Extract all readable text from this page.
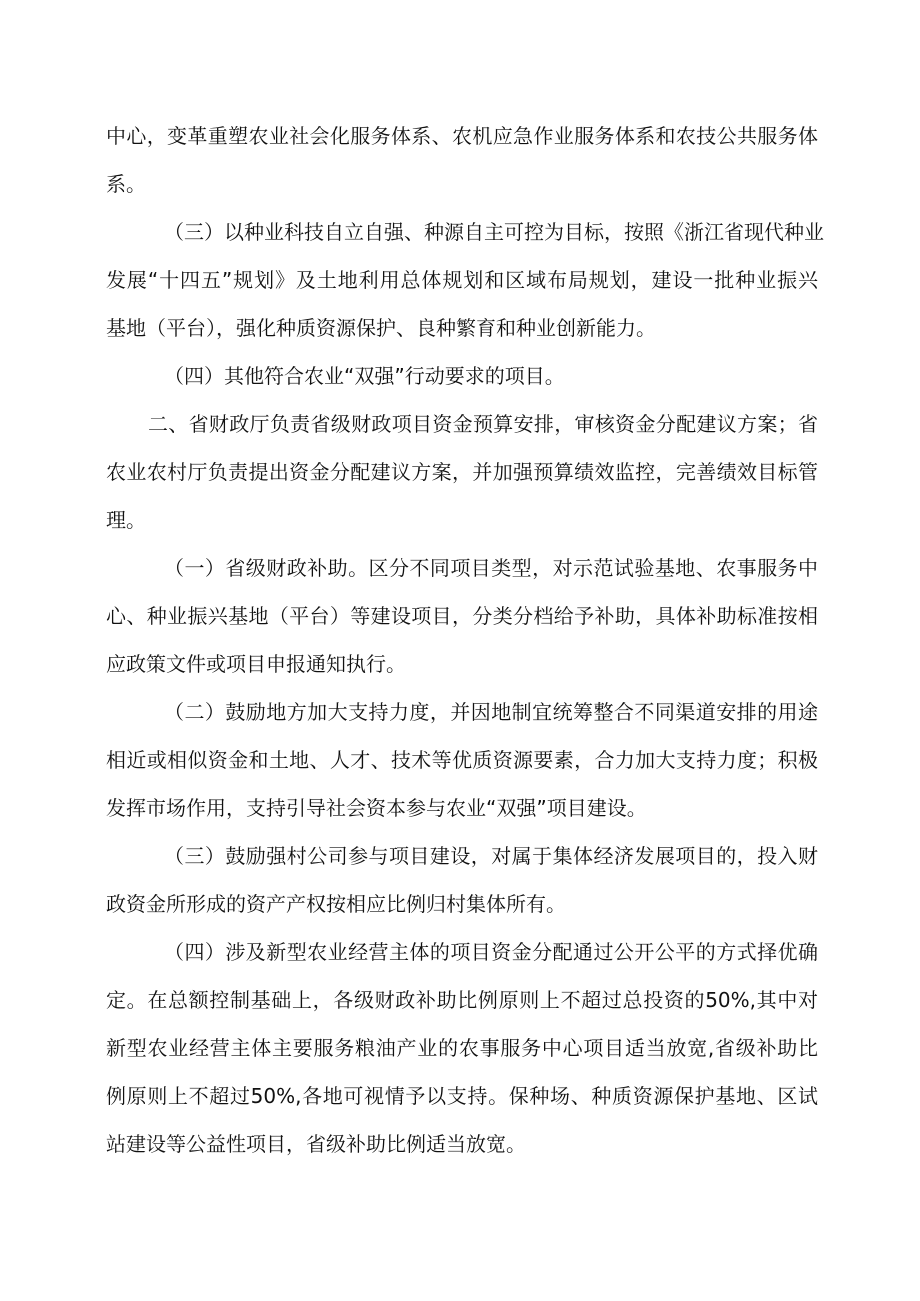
中心，变革重塑农业社会化服务体系、农机应急作业服务体系和农技公共服务体
系。
（三）以种业科技自立自强、种源自主可控为目标，按照《浙江省现代种业
发展“十四五”规划》及土地利用总体规划和区域布局规划，建设一批种业振兴
基地（平台），强化种质资源保护、良种繁育和种业创新能力。
（四）其他符合农业“双强”行动要求的项目。
二、省财政厅负责省级财政项目资金预算安排，审核资金分配建议方案；省
农业农村厅负责提出资金分配建议方案，并加强预算绩效监控，完善绩效目标管
理。
（一）省级财政补助。区分不同项目类型，对示范试验基地、农事服务中
心、种业振兴基地（平台）等建设项目，分类分档给予补助，具体补助标准按相
应政策文件或项目申报通知执行。
（二）鼓励地方加大支持力度，并因地制宜统筹整合不同渠道安排的用途
相近或相似资金和土地、人才、技术等优质资源要素，合力加大支持力度；积极
发挥市场作用，支持引导社会资本参与农业“双强”项目建设。
（三）鼓励强村公司参与项目建设，对属于集体经济发展项目的，投入财
政资金所形成的资产产权按相应比例归村集体所有。
（四）涉及新型农业经营主体的项目资金分配通过公开公平的方式择优确
定。在总额控制基础上，各级财政补助比例原则上不超过总投资的50%,其中对
新型农业经营主体主要服务粮油产业的农事服务中心项目适当放宽,省级补助比
例原则上不超过50%,各地可视情予以支持。保种场、种质资源保护基地、区试
站建设等公益性项目，省级补助比例适当放宽。
